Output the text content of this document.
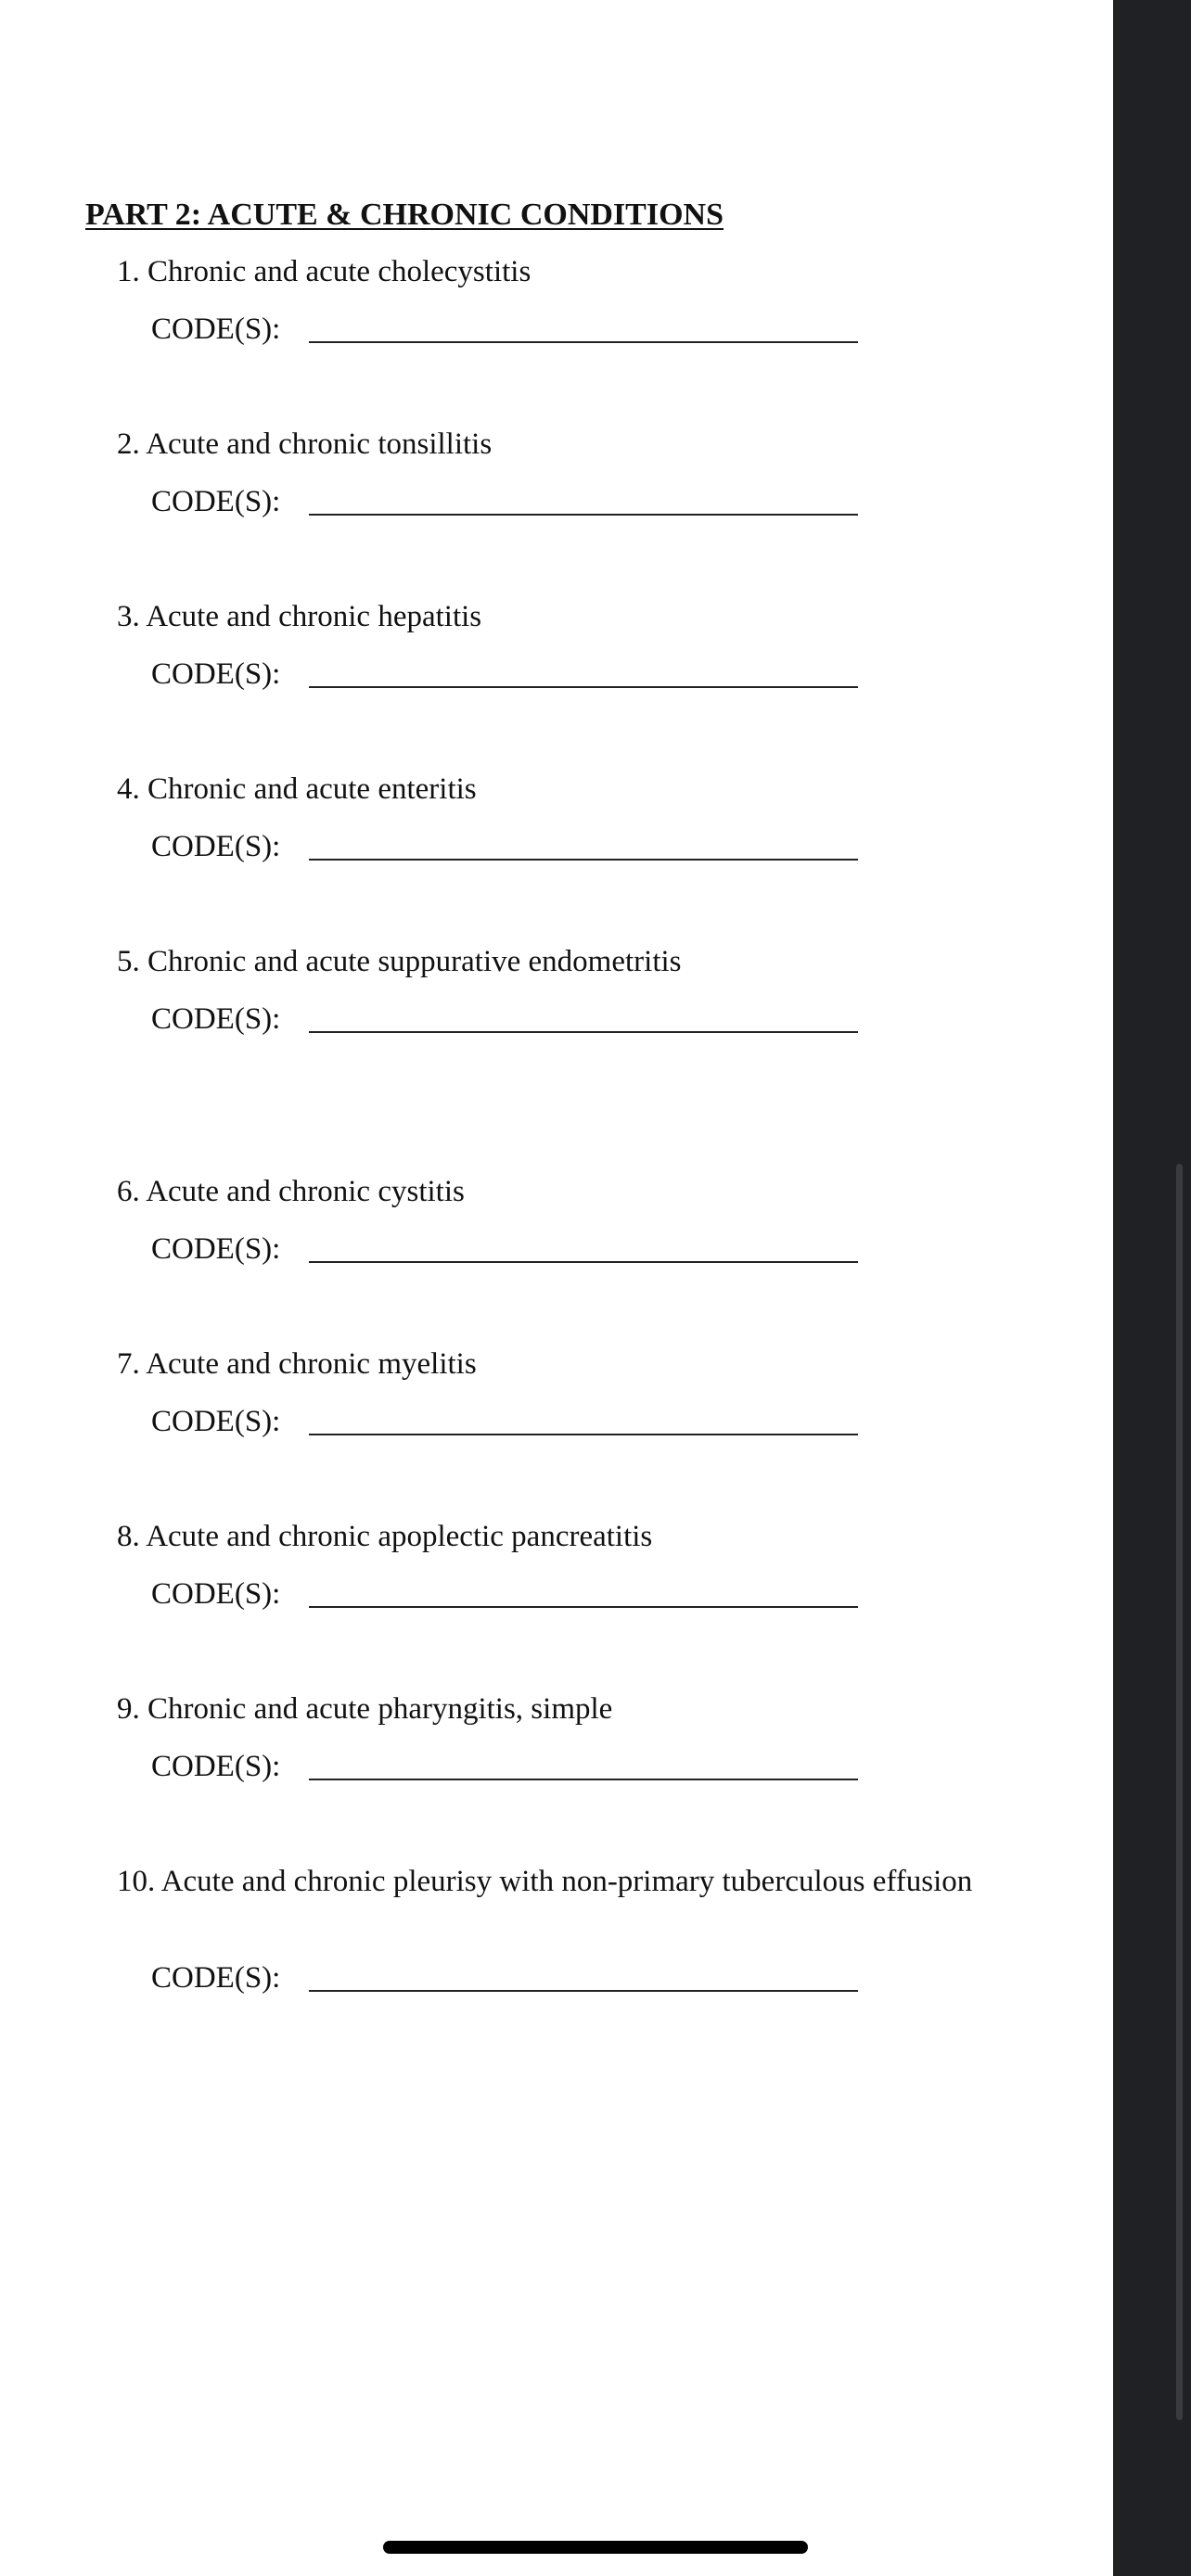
PART 2: ACUTE & CHRONIC CONDITIONS

1. Chronic and acute cholecystitis

CODE(S):

2. Acute and chronic tonsillitis

CODE(S):

3. Acute and chronic hepatitis

CODE(S):

4. Chronic and acute enteritis

CODE(S):

5. Chronic and acute suppurative endometritis

CODE(S):

6. Acute and chronic cystitis

CODE(S):

7. Acute and chronic myelitis

CODE(S):

8. Acute and chronic apoplectic pancreatitis

CODE(S):

9. Chronic and acute pharyngitis, simple

CODE(S):

10. Acute and chronic pleurisy with non-primary tuberculous effusion

CODE(S):
